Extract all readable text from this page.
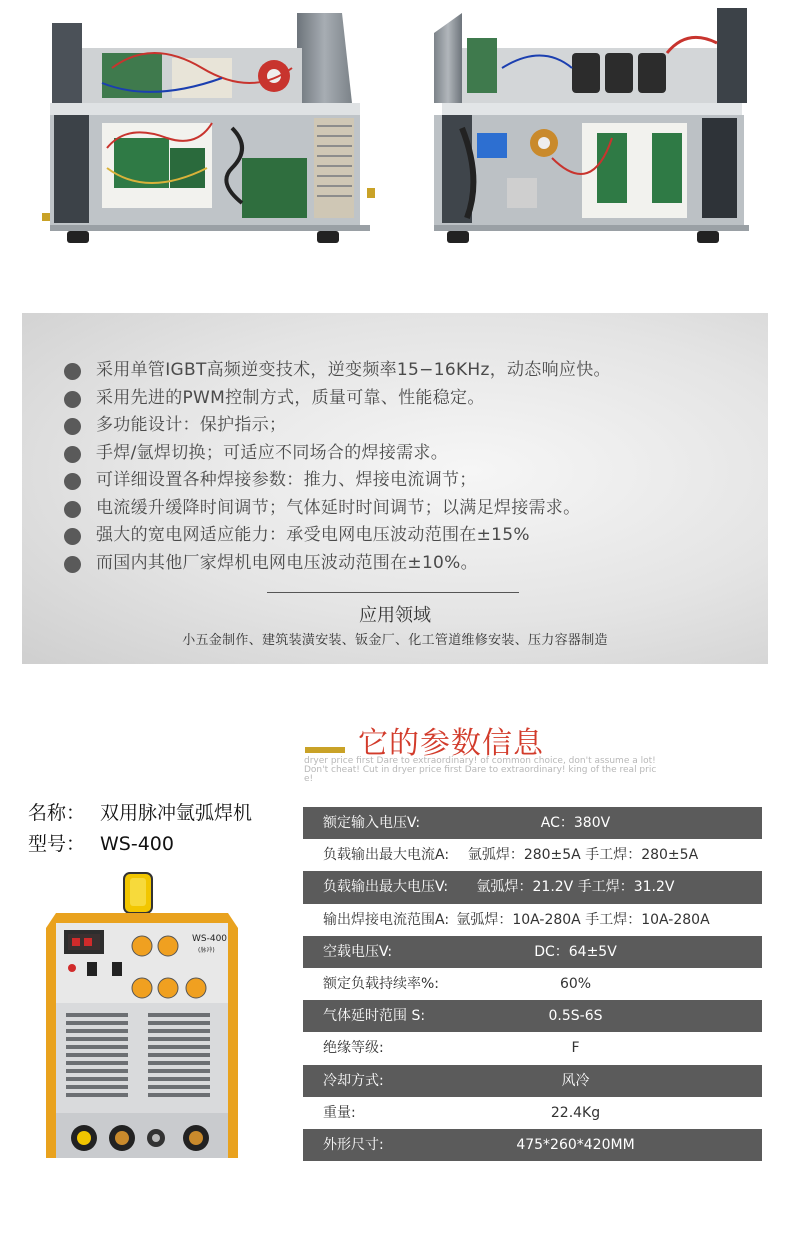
采用单管IGBT高频逆变技术，逆变频率15−16KHz，动态响应快。
采用先进的PWM控制方式，质量可靠、性能稳定。
多功能设计：保护指示；
手焊/氩焊切换；可适应不同场合的焊接需求。
可详细设置各种焊接参数：推力、焊接电流调节；
电流缓升缓降时间调节；气体延时时间调节；以满足焊接需求。
强大的宽电网适应能力：承受电网电压波动范围在±15%
而国内其他厂家焊机电网电压波动范围在±10%。
应用领域
小五金制作、建筑装潢安装、钣金厂、化工管道维修安装、压力容器制造
它的参数信息
dryer price first Dare to extraordinary! of common choice, don't assume a lot! Don't cheat! Cut in dryer price first Dare to extraordinary! king of the real price!
名称： 双用脉冲氩弧焊机
型号： WS-400
WS-400
(脉冲)
额定输入电压V:	AC：380V
负载输出最大电流A:	氩弧焊：280±5A 手工焊：280±5A
负载输出最大电压V:	氩弧焊：21.2V 手工焊：31.2V
输出焊接电流范围A: 氩弧焊：10A-280A 手工焊：10A-280A
空载电压V:	DC：64±5V
额定负载持续率%:	60%
气体延时范围 S:	0.5S-6S
绝缘等级:	F
冷却方式:	风冷
重量:	22.4Kg
外形尺寸:	475*260*420MM
